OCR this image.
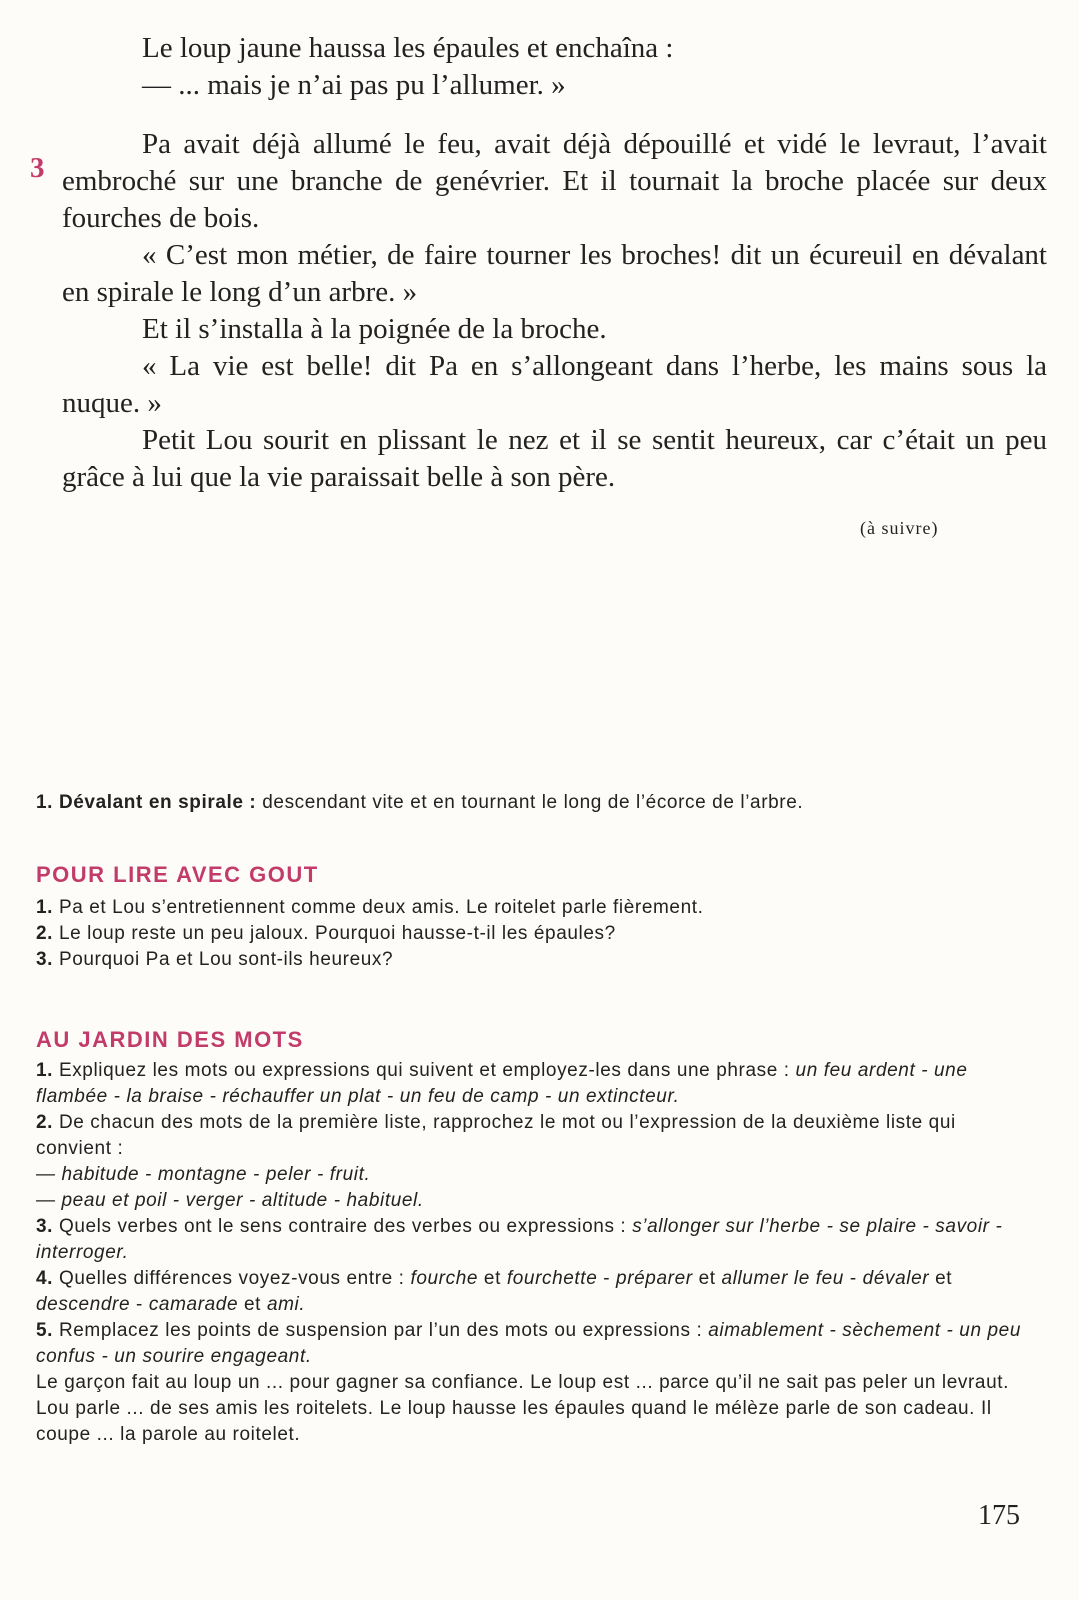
Le loup jaune haussa les épaules et enchaîna :

— ... mais je n’ai pas pu l’allumer. »

Pa avait déjà allumé le feu, avait déjà dépouillé et vidé le levraut, l’avait embroché sur une branche de genévrier. Et il tournait la broche placée sur deux fourches de bois.

« C’est mon métier, de faire tourner les broches! dit un écureuil en dévalant en spirale le long d’un arbre. »

Et il s’installa à la poignée de la broche.

« La vie est belle! dit Pa en s’allongeant dans l’herbe, les mains sous la nuque. »

Petit Lou sourit en plissant le nez et il se sentit heureux, car c’était un peu grâce à lui que la vie paraissait belle à son père.

3
(à suivre)

1. Dévalant en spirale : descendant vite et en tournant le long de l’écorce de l’arbre.

POUR LIRE AVEC GOUT

1. Pa et Lou s’entretiennent comme deux amis. Le roitelet parle fièrement.

2. Le loup reste un peu jaloux. Pourquoi hausse-t-il les épaules?

3. Pourquoi Pa et Lou sont-ils heureux?

AU JARDIN DES MOTS

1. Expliquez les mots ou expressions qui suivent et employez-les dans une phrase : un feu ardent - une flambée - la braise - réchauffer un plat - un feu de camp - un extincteur.

2. De chacun des mots de la première liste, rapprochez le mot ou l’expression de la deuxième liste qui convient :

— habitude - montagne - peler - fruit.

— peau et poil - verger - altitude - habituel.

3. Quels verbes ont le sens contraire des verbes ou expressions : s’allonger sur l’herbe - se plaire - savoir - interroger.

4. Quelles différences voyez-vous entre : fourche et fourchette - préparer et allumer le feu - dévaler et descendre - camarade et ami.

5. Remplacez les points de suspension par l’un des mots ou expressions : aimablement - sèchement - un peu confus - un sourire engageant.

Le garçon fait au loup un ... pour gagner sa confiance. Le loup est ... parce qu’il ne sait pas peler un levraut. Lou parle ... de ses amis les roitelets. Le loup hausse les épaules quand le mélèze parle de son cadeau. Il coupe ... la parole au roitelet.

175
